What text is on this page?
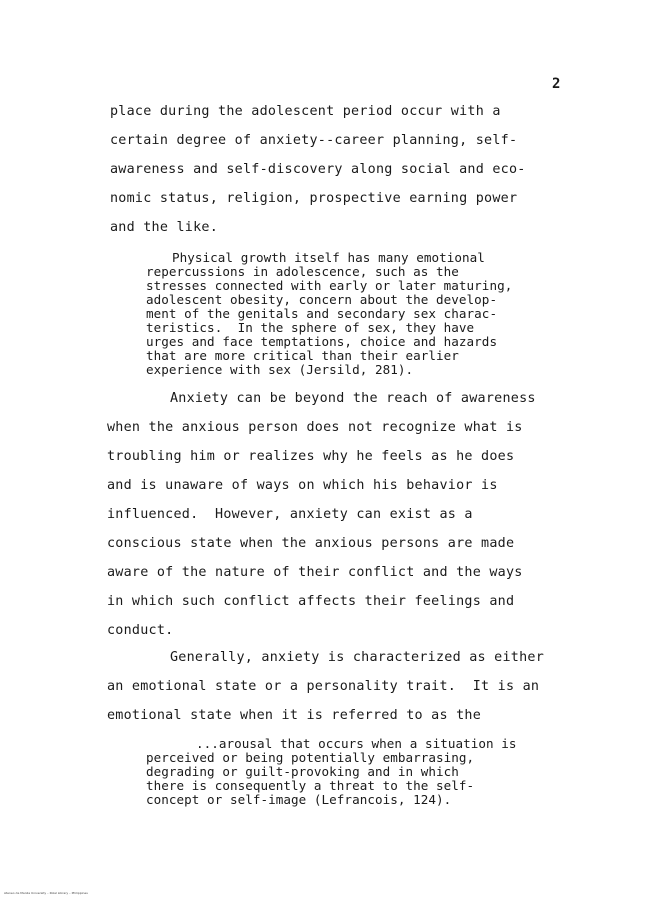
2
place during the adolescent period occur with a
certain degree of anxiety--career planning, self-
awareness and self-discovery along social and eco-
nomic status, religion, prospective earning power
and the like.
Physical growth itself has many emotional
repercussions in adolescence, such as the
stresses connected with early or later maturing,
adolescent obesity, concern about the develop-
ment of the genitals and secondary sex charac-
teristics.  In the sphere of sex, they have
urges and face temptations, choice and hazards
that are more critical than their earlier
experience with sex (Jersild, 281).
Anxiety can be beyond the reach of awareness
when the anxious person does not recognize what is
troubling him or realizes why he feels as he does
and is unaware of ways on which his behavior is
influenced.  However, anxiety can exist as a
conscious state when the anxious persons are made
aware of the nature of their conflict and the ways
in which such conflict affects their feelings and
conduct.
Generally, anxiety is characterized as either
an emotional state or a personality trait.  It is an
emotional state when it is referred to as the
...arousal that occurs when a situation is
perceived or being potentially embarrasing,
degrading or guilt-provoking and in which
there is consequently a threat to the self-
concept or self-image (Lefrancois, 124).
Ateneo de Manila University – Rizal Library – Philippines
